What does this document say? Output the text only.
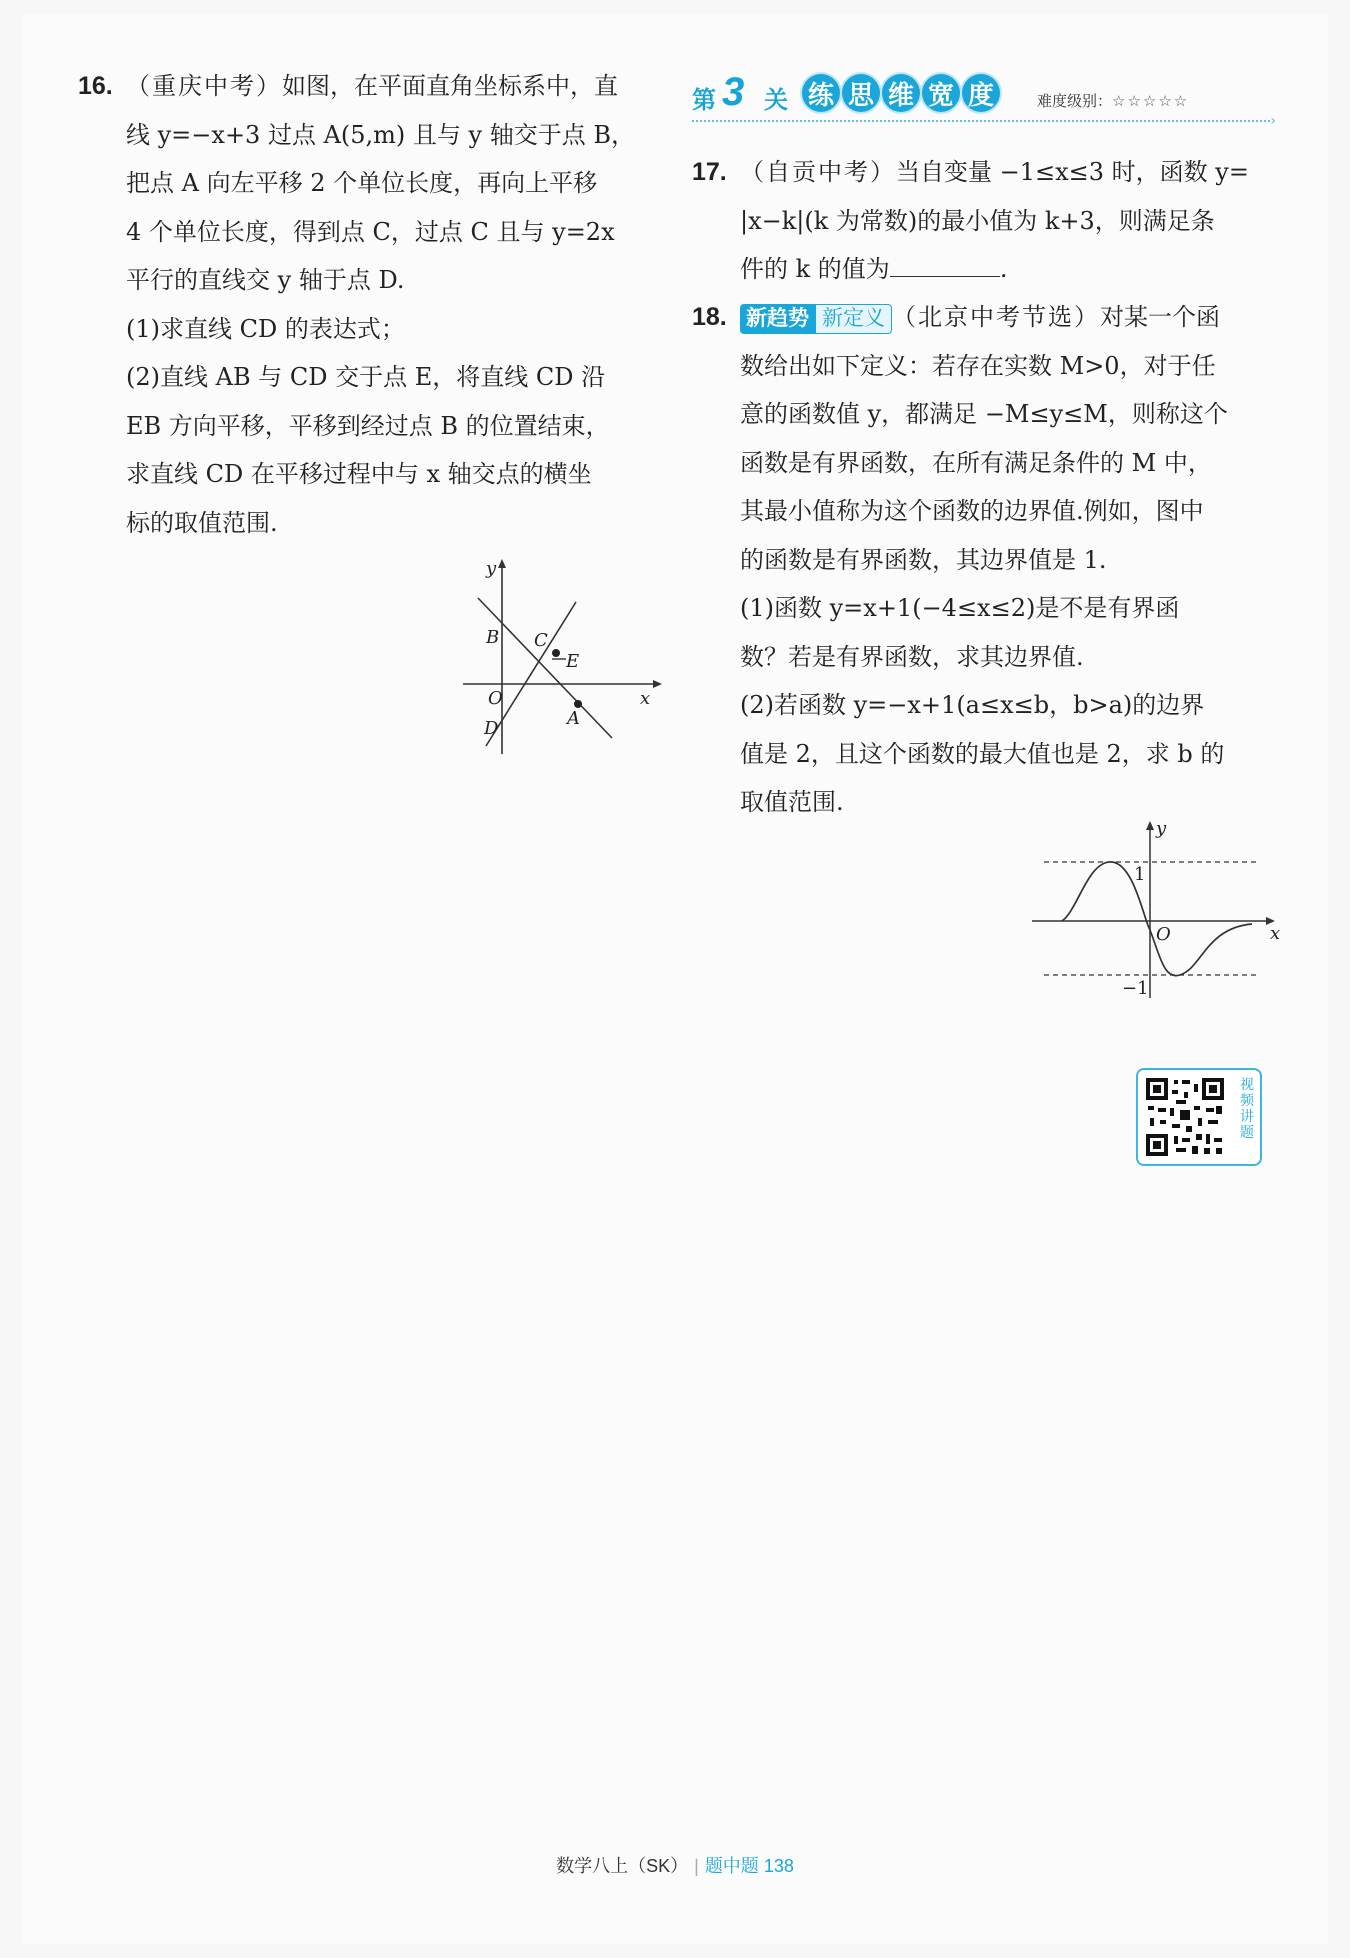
16. （重庆中考）如图，在平面直角坐标系中，直
线 y=−x+3 过点 A(5,m) 且与 y 轴交于点 B，
把点 A 向左平移 2 个单位长度，再向上平移
4 个单位长度，得到点 C，过点 C 且与 y=2x
平行的直线交 y 轴于点 D.
(1)求直线 CD 的表达式；
(2)直线 AB 与 CD 交于点 E，将直线 CD 沿
EB 方向平移，平移到经过点 B 的位置结束，
求直线 CD 在平移过程中与 x 轴交点的横坐
标的取值范围.
x
y
O
B C
E
D	A
第 3 关 练 思 维 宽 度	难度级别：☆☆☆☆☆
›
17. （自贡中考）当自变量 −1≤x≤3 时，函数 y=
|x−k|(k 为常数)的最小值为 k+3，则满足条
件的 k 的值为	.
18. 新趋势 新定义 （北京中考节选）对某一个函
数给出如下定义：若存在实数 M>0，对于任
意的函数值 y，都满足 −M≤y≤M，则称这个
函数是有界函数，在所有满足条件的 M 中，
其最小值称为这个函数的边界值.例如，图中
的函数是有界函数，其边界值是 1.
(1)函数 y=x+1(−4≤x≤2)是不是有界函
数？若是有界函数，求其边界值.
(2)若函数 y=−x+1(a≤x≤b，b>a)的边界
值是 2，且这个函数的最大值也是 2，求 b 的
取值范围.
x
y
O
1
−1
视频讲题
数学八上（SK） | 题中题 138
